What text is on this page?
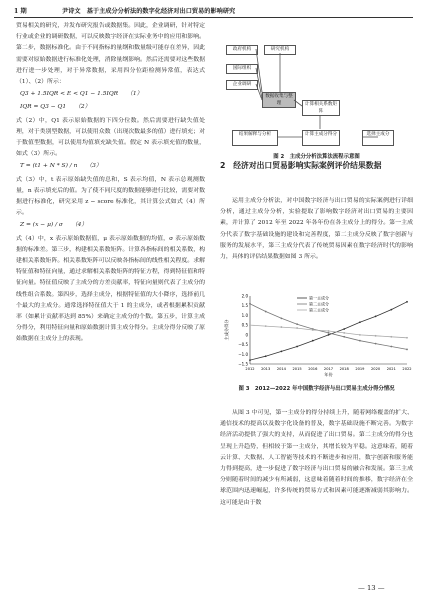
1 期	尹诗文　基于主成分分析法的数字化经济对出口贸易的影响研究

贸易相关的研究，并发布研究报告或数据集。因此，企业调研，针对特定行业或企业的调研数据，可以反映数字经济在实际业务中的应用和影响。第二步，数据标准化。由于不同指标的量纲和数量级可能存在差异，因此需要对原始数据进行标准化处理，消除量纲影响。然后还需要对这些数据进行进一步处理，对于异常数据，采用四分位距检测异常值，表达式（1）、（2）所示：

Q3 + 1.5IQR < E < Q1 − 1.5IQR　　（1）

IQR = Q3 − Q1　　（2）

式（2）中，Q1 表示原始数据的下四分位数。然后需要进行缺失值处理，对于类别型数据，可以使用众数（出现次数最多的值）进行填充；对于数值型数据，可以使用均值填充缺失值。假定 N 表示填充值的数量，如式（3）所示。

T = (t1 + N * S) / n　　（3）

式（3）中，t 表示原始缺失值的总和，S 表示均值，N 表示总观测数量，n 表示填充后的值。为了使不同尺度的数据能够进行比较，需要对数据进行标准化，研究采用 z − score 标准化，其计算公式如式（4）所示。

Z = (x − μ) / σ　　（4）

式（4）中，x 表示原始数据值，μ 表示原始数据的均值，σ 表示原始数据的标准差。第三步，构建相关系数矩阵。计算各指标间的相关系数，构建相关系数矩阵。相关系数矩阵可以反映各指标间的线性相关程度。求解特征值和特征向量，通过求解相关系数矩阵的特征方程，得到特征值和特征向量。特征值反映了主成分的方差贡献率，特征向量则代表了主成分的线性组合系数。第四步，选择主成分，根据特征值的大小降序，选择前几个最大的主成分。通常选择特征值大于 1 的主成分，或者根据累积贡献率（如累计贡献率达到 85%）来确定主成分的个数。第五步，计算主成分得分，利用特征向量和原始数据计算主成分得分。主成分得分反映了原始数据在主成分上的表现。

政府机构	研究机构
国际组织
企业调研
数据收集与整理	计算相关系数矩阵
计算主成分得分
结果解释与分析	选择主成分
图 2　主成分分析法算法流程示意图
2　经济对出口贸易影响实际案例评价结果数据

运用主成分分析法，对中国数字经济与出口贸易的实际案例进行详细分析，通过主成分分析，实验提取了影响数字经济对出口贸易的主要因素，并计算了 2012 年至 2022 年各年份在各主成分上的得分。第一主成分代表了数字基础设施的建设和完善程度，第二主成分反映了数字创新与服务的发展水平，第三主成分代表了传统贸易因素在数字经济时代的影响力，具体的评估结果数据如图 3 所示。

2.0
1.5
1.0
0.5
0
−0.5
−1.0
−1.5
2012 2013 2014 2015 2016 2017 2018 2019 2020 2021 2022
年份
主成分得分
第一主成分
第二主成分
第三主成分
图 3　2012—2022 年中国数字经济与出口贸易主成分得分情况

从图 3 中可见，第一主成分的得分持续上升，随着网络覆盖的扩大、通信技术的提高以及数字化设备的普及，数字基础设施不断完善。为数字经济活动提供了强大的支持，从而促进了出口贸易。第二主成分的得分也呈现上升趋势，但相较于第一主成分，其增长较为平稳。这意味着，随着云计算、大数据、人工智能等技术的不断进步和应用，数字创新和服务能力得到提高，进一步促进了数字经济与出口贸易的融合和发展。第三主成分则随着时间的减少有所减弱，这意味着随着时间的推移，数字经济在全球范围内迅速崛起，许多传统的贸易方式和因素可能逐渐减弱其影响力。这可能是由于数

— 13 —
